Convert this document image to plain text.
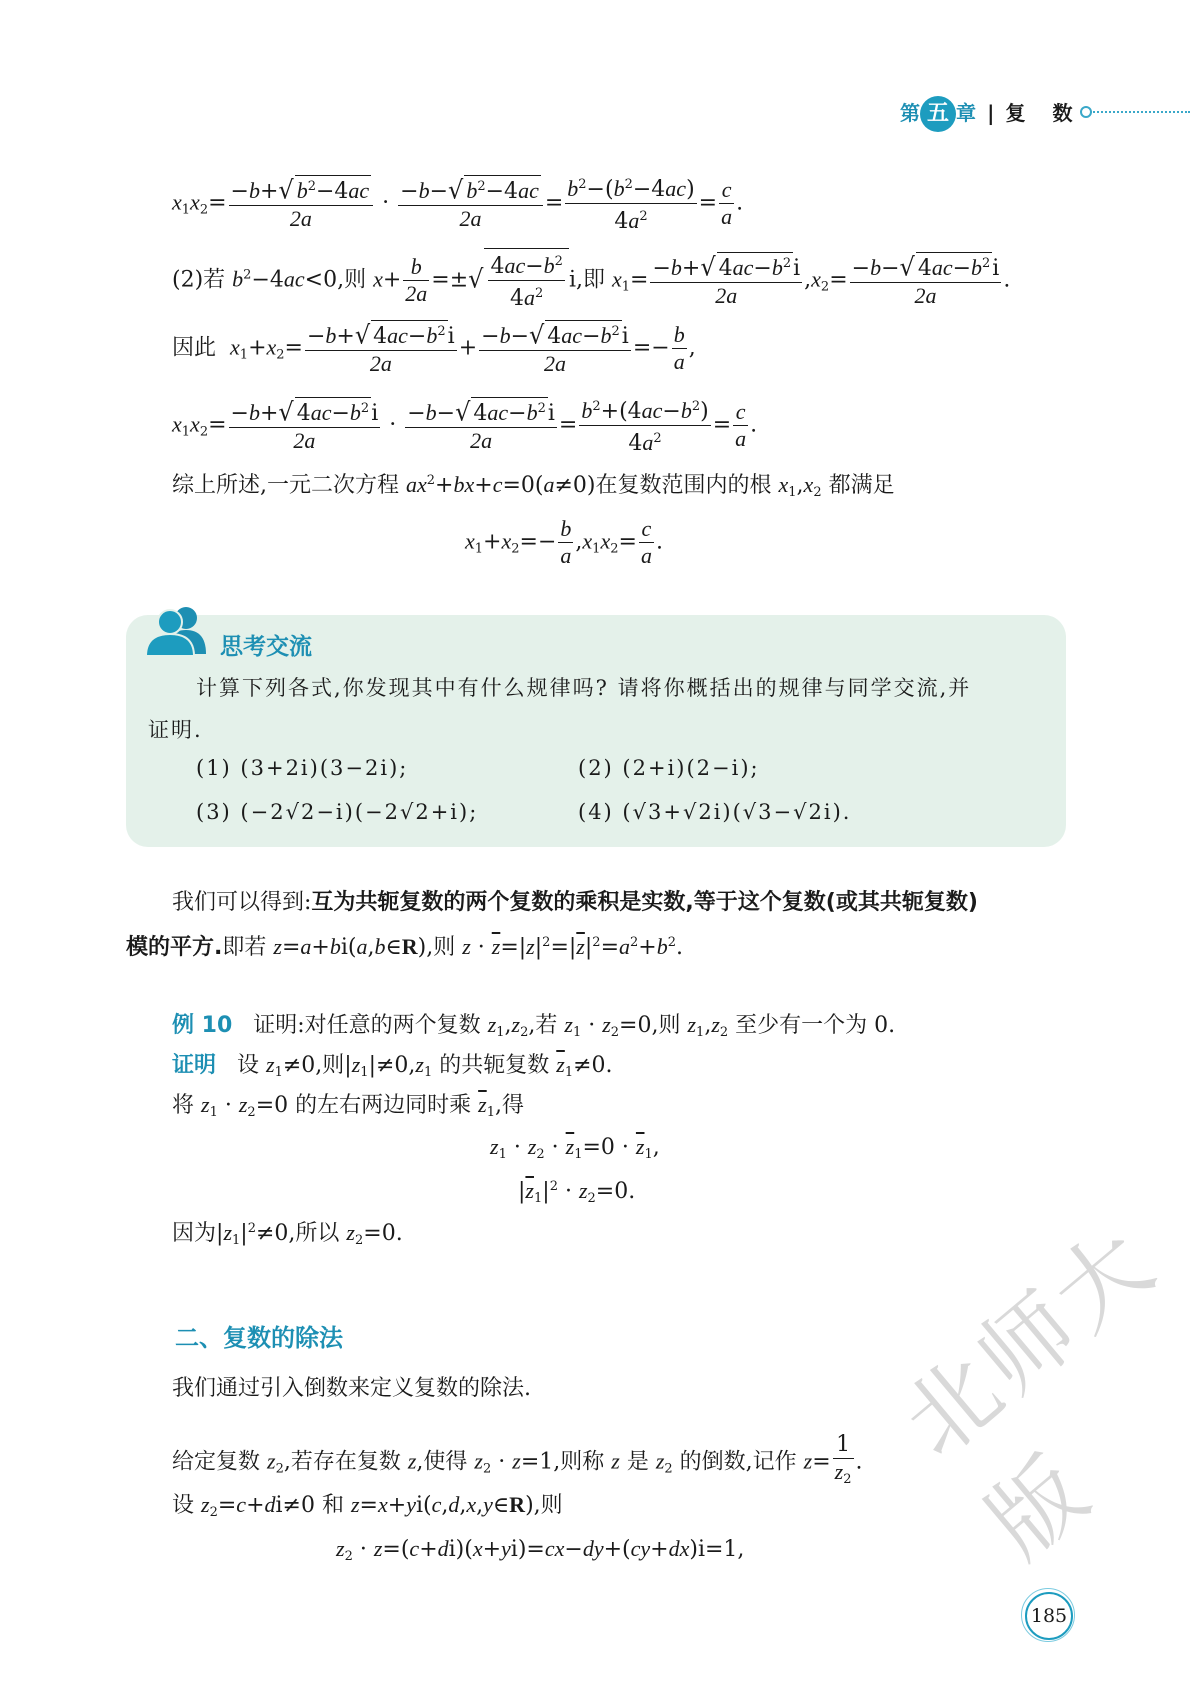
第 五 章 | 复 数
$x_1x_2= \frac{-b+√ b^2-4ac}{2a} \cdot \frac{-b-√ b^2-4ac}{2a} = \frac{b^2-(b^2-4ac)}{4a^2} = \frac{c}{a}$ .
(2)若 $b^2-4ac<0$,则 $x+ \frac{b}{2a}$ =±√ $\frac{4ac-b^2}{4a^2} i$,即 $x_1= \frac{-b+√ 4ac-b^2i}{2a} ,x_2= \frac{-b-√ 4ac-b^2i}{2a}$ .
因此 $x_1+x_2= \frac{-b+√ 4ac-b^2i}{2a} + \frac{-b-√ 4ac-b^2i}{2a} =- \frac{b}{a}$ ,
$x_1x_2= \frac{-b+√ 4ac-b^2i}{2a} \cdot \frac{-b-√ 4ac-b^2i}{2a} = \frac{b^2+(4ac-b^2)}{4a^2} = \frac{c}{a}$ .
综上所述,一元二次方程 $ax^2+bx+c=0(a\ne 0)$在复数范围内的根 $x_1,x_2$ 都满足
$x_1+x_2=- \frac{b}{a} ,x_1x_2= \frac{c}{a}$ .
思考交流
计算下列各式,你发现其中有什么规律吗? 请将你概括出的规律与同学交流,并
证明.
(1) (3+2i)(3−2i);	(2) (2+i)(2−i);
(3) (−2√2−i)(−2√2+i);	(4) (√3+√2i)(√3−√2i).
我们可以得到:互为共轭复数的两个复数的乘积是实数,等于这个复数(或其共轭复数)
模的平方.即若 z=a+bi(a,b∈R),则 $z \cdot \overline{z}=|z|^2=|\overline{z}|^2=a^2+b^2$.
例 10 证明:对任意的两个复数 $z_1,z_2$,若 $z_1 \cdot z_2=0$,则 $z_1,z_2$ 至少有一个为 0.
证明 设 $z_1\ne 0$,则$|z_1|\ne 0,z_1$ 的共轭复数 $\overline{z}_1\ne 0$.
将 $z_1 \cdot z_2=0$ 的左右两边同时乘 $\overline{z}_1$,得
$z_1 \cdot z_2 \cdot \overline{z}_1=0 \cdot \overline{z}_1$,
$|\overline{z}_1|^2 \cdot z_2=0$.
因为$|z_1|^2\ne 0$,所以 $z_2=0$.
二、复数的除法
我们通过引入倒数来定义复数的除法.
给定复数 $z_2$,若存在复数 z,使得 $z_2 \cdot z=1$,则称 z 是 $z_2$ 的倒数,记作 $z= \frac{1}{z_2}$ .
设 $z_2=c+di\ne 0$ 和 z=x+yi(c,d,x,y∈R),则
$z_2 \cdot z=(c+di)(x+yi)=cx-dy+(cy+dx)i=1$,
185
北师大版
